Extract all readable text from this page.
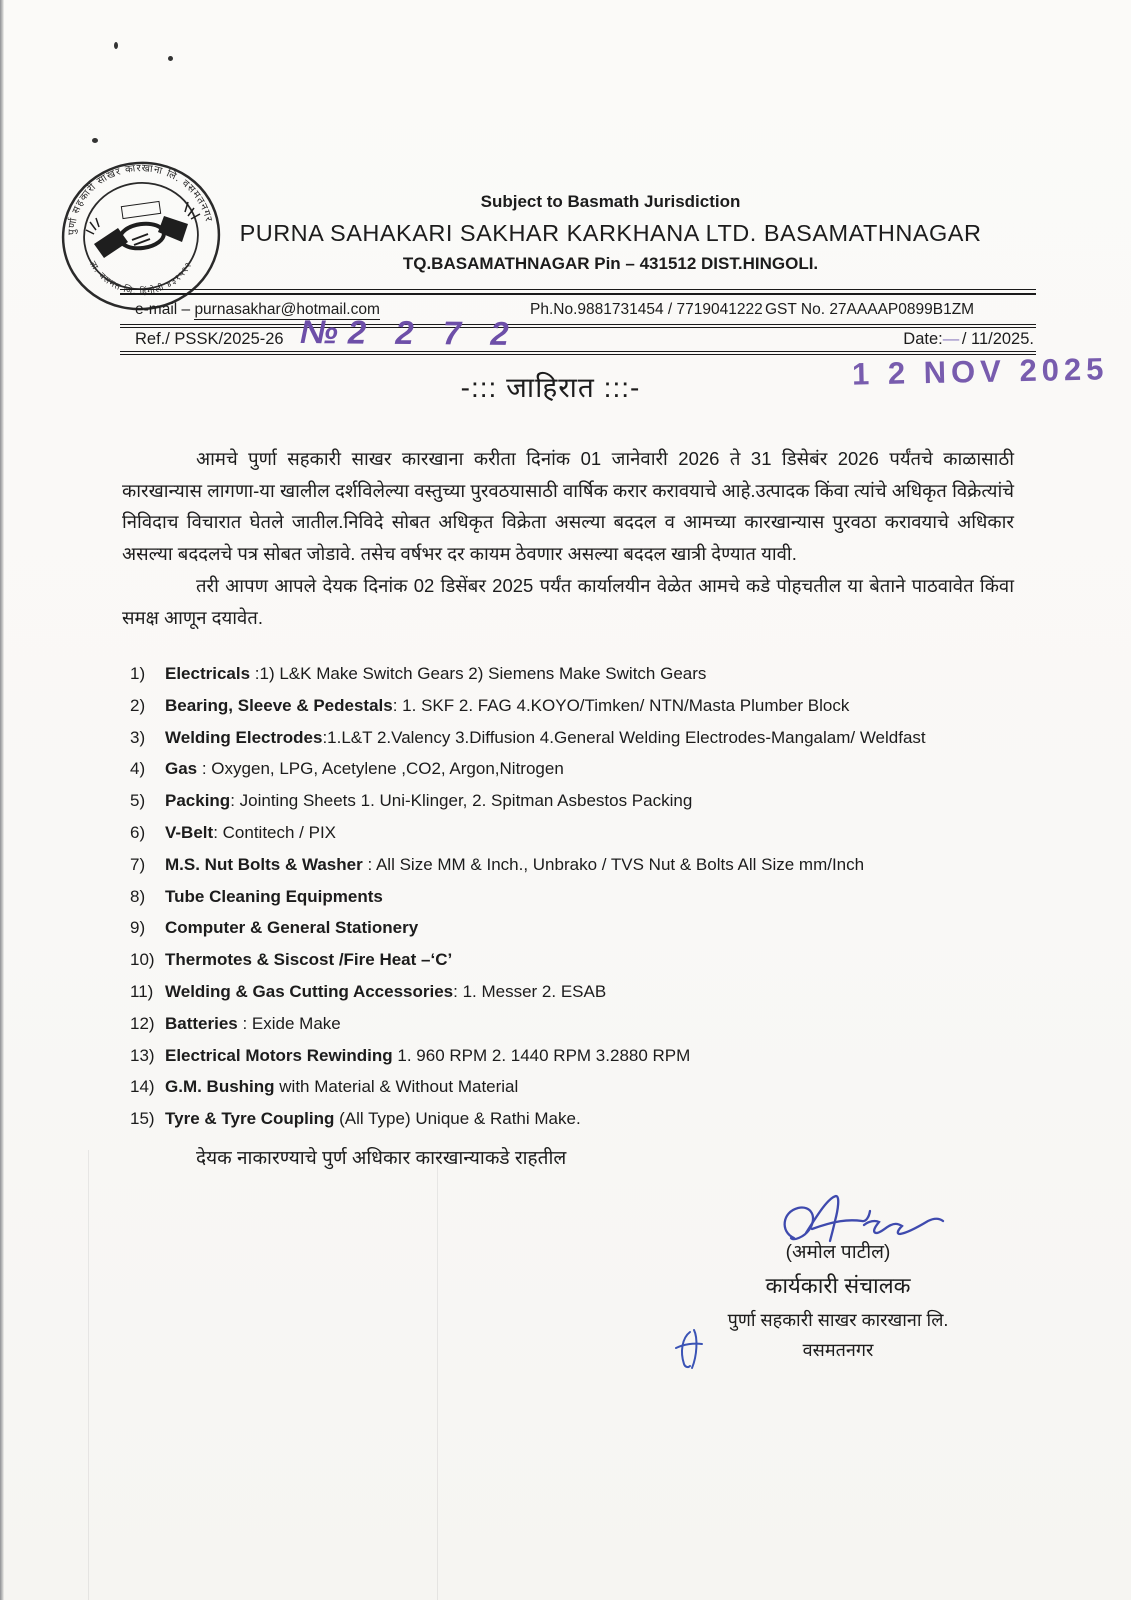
पुर्णा सहकारी साखर कारखाना लि. वसमतनगर
ता. वसमत जि. हिंगोली ४३१५१२
Subject to Basmath Jurisdiction
PURNA SAHAKARI SAKHAR KARKHANA LTD. BASAMATHNAGAR
TQ.BASAMATHNAGAR Pin – 431512 DIST.HINGOLI.
e-mail – purnasakhar@hotmail.com	Ph.No.9881731454 / 7719041222 GST No. 27AAAAP0899B1ZM
Ref./ PSSK/2025-26	Date:— / 11/2025.
№2 2 7 2
1 2 NOV 2025
-::: जाहिरात :::-
आमचे पुर्णा सहकारी साखर कारखाना करीता दिनांक 01 जानेवारी 2026 ते 31 डिसेबंर 2026 पर्यंतचे काळासाठी कारखान्यास लागणा-या खालील दर्शविलेल्या वस्तुच्या पुरवठयासाठी वार्षिक करार करावयाचे आहे.उत्पादक किंवा त्यांचे अधिकृत विक्रेत्यांचे निविदाच विचारात घेतले जातील.निविदे सोबत अधिकृत विक्रेता असल्या बददल व आमच्या कारखान्यास पुरवठा करावयाचे अधिकार असल्या बददलचे पत्र सोबत जोडावे. तसेच वर्षभर दर कायम ठेवणार असल्या बददल खात्री देण्यात यावी.
तरी आपण आपले देयक दिनांक 02 डिसेंबर 2025 पर्यंत कार्यालयीन वेळेत आमचे कडे पोहचतील या बेताने पाठवावेत किंवा समक्ष आणून दयावेत.
1) Electricals :1) L&K Make Switch Gears 2) Siemens Make Switch Gears
2) Bearing, Sleeve & Pedestals: 1. SKF 2. FAG 4.KOYO/Timken/ NTN/Masta Plumber Block
3) Welding Electrodes:1.L&T 2.Valency 3.Diffusion 4.General Welding Electrodes-Mangalam/ Weldfast
4) Gas : Oxygen, LPG, Acetylene ,CO2, Argon,Nitrogen
5) Packing: Jointing Sheets 1. Uni-Klinger, 2. Spitman Asbestos Packing
6) V-Belt: Contitech / PIX
7) M.S. Nut Bolts & Washer : All Size MM & Inch., Unbrako / TVS Nut & Bolts All Size mm/Inch
8) Tube Cleaning Equipments
9) Computer & General Stationery
10) Thermotes & Siscost /Fire Heat –‘C’
11) Welding & Gas Cutting Accessories: 1. Messer 2. ESAB
12) Batteries : Exide Make
13) Electrical Motors Rewinding 1. 960 RPM 2. 1440 RPM 3.2880 RPM
14) G.M. Bushing with Material & Without Material
15) Tyre & Tyre Coupling (All Type) Unique & Rathi Make.
देयक नाकारण्याचे पुर्ण अधिकार कारखान्याकडे राहतील
(अमोल पाटील)
कार्यकारी संचालक
पुर्णा सहकारी साखर कारखाना लि.
वसमतनगर
